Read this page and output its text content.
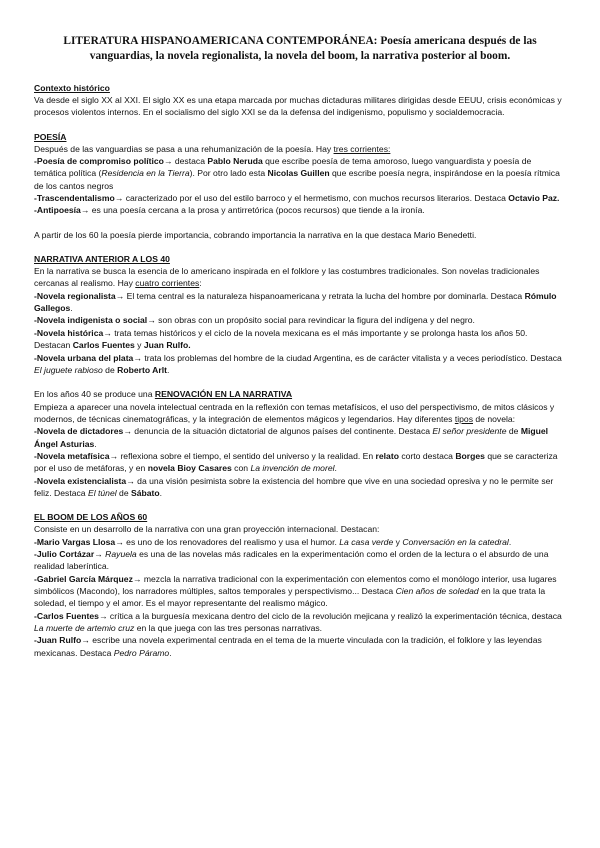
LITERATURA HISPANOAMERICANA CONTEMPORÁNEA: Poesía americana después de las vanguardias, la novela regionalista, la novela del boom, la narrativa posterior al boom.
Contexto histórico

Va desde el siglo XX al XXI. El siglo XX es una etapa marcada por muchas dictaduras militares dirigidas desde EEUU, crisis económicas y procesos violentos internos. En el socialismo del siglo XXI se da la defensa del indigenismo, populismo y socialdemocracia.

POESÍA

Después de las vanguardias se pasa a una rehumanización de la poesía. Hay tres corrientes:

-Poesía de compromiso político→ destaca Pablo Neruda que escribe poesía de tema amoroso, luego vanguardista y poesía de temática política (Residencia en la Tierra). Por otro lado esta Nicolas Guillen que escribe poesía negra, inspirándose en la poesía rítmica de los cantos negros

-Trascendentalismo→ caracterizado por el uso del estilo barroco y el hermetismo, con muchos recursos literarios. Destaca Octavio Paz.

-Antipoesía→ es una poesía cercana a la prosa y antirretórica (pocos recursos) que tiende a la ironía.

A partir de los 60 la poesía pierde importancia, cobrando importancia la narrativa en la que destaca Mario Benedetti.

NARRATIVA ANTERIOR A LOS 40

En la narrativa se busca la esencia de lo americano inspirada en el folklore y las costumbres tradicionales. Son novelas tradicionales cercanas al realismo. Hay cuatro corrientes:

-Novela regionalista→ El tema central es la naturaleza hispanoamericana y retrata la lucha del hombre por dominarla. Destaca Rómulo Gallegos.

-Novela indigenista o social→ son obras con un propósito social para revindicar la figura del indígena y del negro.

-Novela histórica→ trata temas históricos y el ciclo de la novela mexicana es el más importante y se prolonga hasta los años 50. Destacan Carlos Fuentes y Juan Rulfo.

-Novela urbana del plata→ trata los problemas del hombre de la ciudad Argentina, es de carácter vitalista y a veces periodístico. Destaca El juguete rabioso de Roberto Arlt.

En los años 40 se produce una RENOVACIÓN EN LA NARRATIVA

Empieza a aparecer una novela intelectual centrada en la reflexión con temas metafísicos, el uso del perspectivismo, de mitos clásicos y modernos, de técnicas cinematográficas, y la integración de elementos mágicos y legendarios. Hay diferentes tipos de novela:

-Novela de dictadores→ denuncia de la situación dictatorial de algunos países del continente. Destaca El señor presidente de Miguel Ángel Asturias.

-Novela metafísica→ reflexiona sobre el tiempo, el sentido del universo y la realidad. En relato corto destaca Borges que se caracteriza por el uso de metáforas, y en novela Bioy Casares con La invención de morel.

-Novela existencialista→ da una visión pesimista sobre la existencia del hombre que vive en una sociedad opresiva y no le permite ser feliz. Destaca El túnel de Sábato.

EL BOOM DE LOS AÑOS 60

Consiste en un desarrollo de la narrativa con una gran proyección internacional. Destacan:

-Mario Vargas Llosa→ es uno de los renovadores del realismo y usa el humor. La casa verde y Conversación en la catedral.

-Julio Cortázar→ Rayuela es una de las novelas más radicales en la experimentación como el orden de la lectura o el absurdo de una realidad laberíntica.

-Gabriel García Márquez→ mezcla la narrativa tradicional con la experimentación con elementos como el monólogo interior, usa lugares simbólicos (Macondo), los narradores múltiples, saltos temporales y perspectivismo... Destaca Cien años de soledad en la que trata la soledad, el tiempo y el amor. Es el mayor representante del realismo mágico.

-Carlos Fuentes→ crítica a la burguesía mexicana dentro del ciclo de la revolución mejicana y realizó la experimentación técnica, destaca La muerte de artemio cruz en la que juega con las tres personas narrativas.

-Juan Rulfo→ escribe una novela experimental centrada en el tema de la muerte vinculada con la tradición, el folklore y las leyendas mexicanas. Destaca Pedro Páramo.
